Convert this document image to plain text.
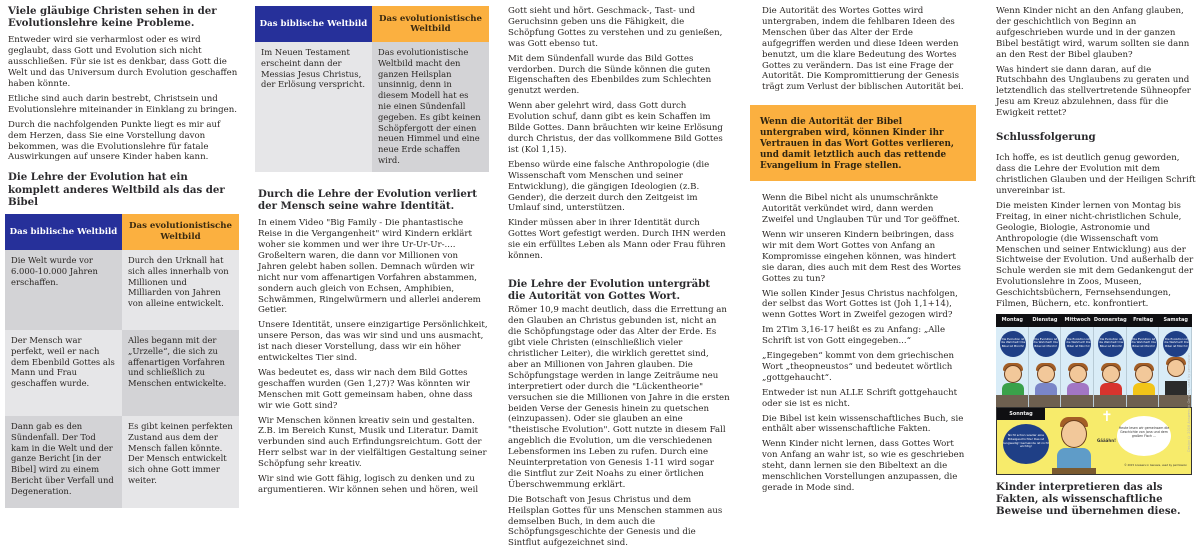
Viele gläubige Christen sehen in der Evolutionslehre keine Probleme.

Entweder wird sie verharmlost oder es wird geglaubt, dass Gott und Evolution sich nicht ausschließen. Für sie ist es denkbar, dass Gott die Welt und das Universum durch Evolution geschaffen haben könnte.

Etliche sind auch darin bestrebt, Christsein und Evolutionslehre miteinander in Einklang zu bringen.

Durch die nachfolgenden Punkte liegt es mir auf dem Herzen, dass Sie eine Vorstellung davon bekommen, was die Evolutionslehre für fatale Auswirkungen auf unsere Kinder haben kann.

Die Lehre der Evolution hat ein komplett anderes Weltbild als das der Bibel
Das biblische Weltbild	Das evolutionistische Weltbild
Die Welt wurde vor 6.000-10.000 Jahren erschaffen.	Durch den Urknall hat sich alles innerhalb von Millionen und Milliarden von Jahren von alleine entwickelt.
Der Mensch war perfekt, weil er nach dem Ebenbild Gottes als Mann und Frau geschaffen wurde.	Alles begann mit der „Urzelle“, die sich zu affenartigen Vorfahren und schließlich zu Menschen entwickelte.
Dann gab es den Sündenfall. Der Tod kam in die Welt und der ganze Bericht [in der Bibel] wird zu einem Bericht über Verfall und Degeneration.	Es gibt keinen perfekten Zustand aus dem der Mensch fallen könnte. Der Mensch entwickelt sich ohne Gott immer weiter.
Das biblische Weltbild	Das evolutionistische Weltbild
Im Neuen Testament erscheint dann der Messias Jesus Christus, der Erlösung verspricht.	Das evolutionistische Weltbild macht den ganzen Heilsplan unsinnig, denn in diesem Modell hat es nie einen Sündenfall gegeben. Es gibt keinen Schöpfergott der einen neuen Himmel und eine neue Erde schaffen wird.
Durch die Lehre der Evolution verliert der Mensch seine wahre Identität.

In einem Video "Big Family - Die phantastische Reise in die Vergangenheit" wird Kindern erklärt woher sie kommen und wer ihre Ur-Ur-Ur-.... Großeltern waren, die dann vor Millionen von Jahren gelebt haben sollen. Demnach würden wir nicht nur vom affenartigen Vorfahren abstammen, sondern auch gleich von Echsen, Amphibien, Schwämmen, Ringelwürmern und allerlei anderem Getier.

Unsere Identität, unsere einzigartige Persönlichkeit, unsere Person, das was wir sind und uns ausmacht, ist nach dieser Vorstellung, dass wir ein höher entwickeltes Tier sind.

Was bedeutet es, dass wir nach dem Bild Gottes geschaffen wurden (Gen 1,27)? Was könnten wir Menschen mit Gott gemeinsam haben, ohne dass wir wie Gott sind?

Wir Menschen können kreativ sein und gestalten. Z.B. im Bereich Kunst, Musik und Literatur. Damit verbunden sind auch Erfindungsreichtum. Gott der Herr selbst war in der vielfältigen Gestaltung seiner Schöpfung sehr kreativ.

Wir sind wie Gott fähig, logisch zu denken und zu argumentieren. Wir können sehen und hören, weil

Gott sieht und hört. Geschmack-, Tast- und Geruchsinn geben uns die Fähigkeit, die Schöpfung Gottes zu verstehen und zu genießen, was Gott ebenso tut.

Mit dem Sündenfall wurde das Bild Gottes verdorben. Durch die Sünde können die guten Eigenschaften des Ebenbildes zum Schlechten genutzt werden.

Wenn aber gelehrt wird, dass Gott durch Evolution schuf, dann gibt es kein Schaffen im Bilde Gottes. Dann bräuchten wir keine Erlösung durch Christus, der das vollkommene Bild Gottes ist (Kol 1,15).

Ebenso würde eine falsche Anthropologie (die Wissenschaft vom Menschen und seiner Entwicklung), die gängigen Ideologien (z.B. Gender), die derzeit durch den Zeitgeist im Umlauf sind, unterstützen.

Kinder müssen aber in ihrer Identität durch Gottes Wort gefestigt werden. Durch IHN werden sie ein erfülltes Leben als Mann oder Frau führen können.

Die Lehre der Evolution untergräbt die Autorität von Gottes Wort.

Römer 10,9 macht deutlich, dass die Errettung an den Glauben an Christus gebunden ist, nicht an die Schöpfungstage oder das Alter der Erde. Es gibt viele Christen (einschließlich vieler christlicher Leiter), die wirklich gerettet sind, aber an Millionen von Jahren glauben. Die Schöpfungstage werden in lange Zeiträume neu interpretiert oder durch die "Lückentheorie" versuchen sie die Millionen von Jahre in die ersten beiden Verse der Genesis hinein zu quetschen (einzupassen). Oder sie glauben an eine "theistische Evolution". Gott nutzte in diesem Fall angeblich die Evolution, um die verschiedenen Lebensformen ins Leben zu rufen. Durch eine Neuinterpretation von Genesis 1-11 wird sogar die Sintflut zur Zeit Noahs zu einer örtlichen Überschwemmung erklärt.

Die Botschaft von Jesus Christus und dem Heilsplan Gottes für uns Menschen stammen aus demselben Buch, in dem auch die Schöpfungsgeschichte der Genesis und die Sintflut aufgezeichnet sind.

Die Autorität des Wortes Gottes wird untergraben, indem die fehlbaren Ideen des Menschen über das Alter der Erde aufgegriffen werden und diese Ideen werden benutzt, um die klare Bedeutung des Wortes Gottes zu verändern. Das ist eine Frage der Autorität. Die Kompromittierung der Genesis trägt zum Verlust der biblischen Autorität bei.

Wenn die Autorität der Bibel untergraben wird, können Kinder ihr Vertrauen in das Wort Gottes verlieren, und damit letztlich auch das rettende Evangelium in Frage stellen.

Wenn die Bibel nicht als unumschränkte Autorität verkündet wird, dann werden Zweifel und Unglauben Tür und Tor geöffnet.

Wenn wir unseren Kindern beibringen, dass wir mit dem Wort Gottes von Anfang an Kompromisse eingehen können, was hindert sie daran, dies auch mit dem Rest des Wortes Gottes zu tun?

Wie sollen Kinder Jesus Christus nachfolgen, der selbst das Wort Gottes ist (Joh 1,1+14), wenn Gottes Wort in Zweifel gezogen wird?

Im 2Tim 3,16-17 heißt es zu Anfang: „Alle Schrift ist von Gott eingegeben...“

„Eingegeben“ kommt von dem griechischen Wort „theopneustos“ und bedeutet wörtlich „gottgehaucht“.

Entweder ist nun ALLE Schrift gottgehaucht oder sie ist es nicht.

Die Bibel ist kein wissenschaftliches Buch, sie enthält aber wissenschaftliche Fakten.

Wenn Kinder nicht lernen, dass Gottes Wort von Anfang an wahr ist, so wie es geschrieben steht, dann lernen sie den Bibeltext an die menschlichen Vorstellungen anzupassen, die gerade in Mode sind.

Wenn Kinder nicht an den Anfang glauben, der geschichtlich von Beginn an aufgeschrieben wurde und in der ganzen Bibel bestätigt wird, warum sollten sie dann an den Rest der Bibel glauben?

Was hindert sie dann daran, auf die Rutschbahn des Unglaubens zu geraten und letztendlich das stellvertretende Sühneopfer Jesu am Kreuz abzulehnen, dass für die Ewigkeit rettet?

Schlussfolgerung

Ich hoffe, es ist deutlich genug geworden, dass die Lehre der Evolution mit dem christlichen Glauben und der Heiligen Schrift unvereinbar ist.

Die meisten Kinder lernen von Montag bis Freitag, in einer nicht-christlichen Schule, Geologie, Biologie, Astronomie und Anthropologie (die Wissenschaft vom Menschen und seiner Entwicklung) aus der Sichtweise der Evolution. Und außerhalb der Schule werden sie mit dem Gedankengut der Evolutionslehre in Zoos, Museen, Geschichtsbüchern, Fernsehsendungen, Filmen, Büchern, etc. konfrontiert.

Montag	Dienstag	Mittwoch Donnerstag	Freitag	Samstag
Die Evolution ist die Wahrheit! Die Bibel ist Mürchi!
Die Evolution ist die Wahrheit! Die Bibel ist Mürchi!
Die Evolution ist die Wahrheit! Die Bibel ist Mürchi!
Die Evolution ist die Wahrheit! Die Bibel ist Mürchi!
Die Evolution ist die Wahrheit! Die Bibel ist Mürchi!
Die Evolution ist die Wahrheit! Die Bibel ist Mürchi!
Sonntag
Nicht schon wieder eine Bibelgeschichte! Das ist langweilig! Gemeinde ist nicht wichtig!
✝
Gääähn!
Heute lesen wir gemeinsam die Geschichte von Jona und dem großen Fisch ...
© 2015 Answers in Genesis, used by permission
Kinder interpretieren das als Fakten, als wissenschaftliche Beweise und übernehmen diese.
Design © 2016 Answers in Genesis, used by permission
